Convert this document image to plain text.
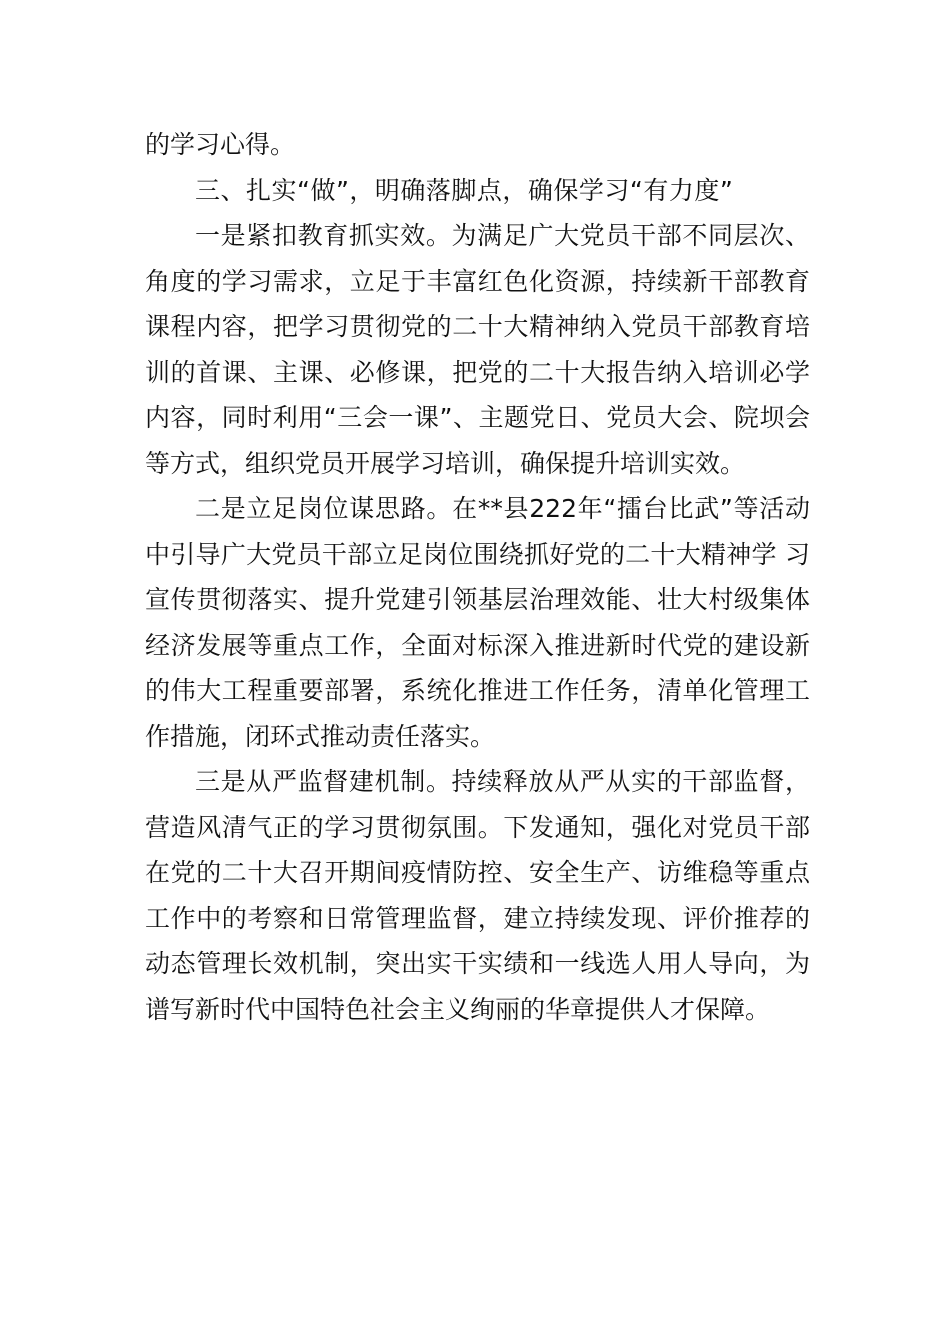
的学习心得。

三、扎实“做”，明确落脚点，确保学习“有力度”

一是紧扣教育抓实效。为满足广大党员干部不同层次、角度的学习需求，立足于丰富红色化资源，持续新干部教育课程内容，把学习贯彻党的二十大精神纳入党员干部教育培训的首课、主课、必修课，把党的二十大报告纳入培训必学内容，同时利用“三会一课”、主题党日、党员大会、院坝会等方式，组织党员开展学习培训，确保提升培训实效。

二是立足岗位谋思路。在**县222年“擂台比武”等活动中引导广大党员干部立足岗位围绕抓好党的二十大精神学 习宣传贯彻落实、提升党建引领基层治理效能、壮大村级集体经济发展等重点工作，全面对标深入推进新时代党的建设新的伟大工程重要部署，系统化推进工作任务，清单化管理工作措施，闭环式推动责任落实。

三是从严监督建机制。持续释放从严从实的干部监督，营造风清气正的学习贯彻氛围。下发通知，强化对党员干部在党的二十大召开期间疫情防控、安全生产、访维稳等重点工作中的考察和日常管理监督，建立持续发现、评价推荐的动态管理长效机制，突出实干实绩和一线选人用人导向，为谱写新时代中国特色社会主义绚丽的华章提供人才保障。
